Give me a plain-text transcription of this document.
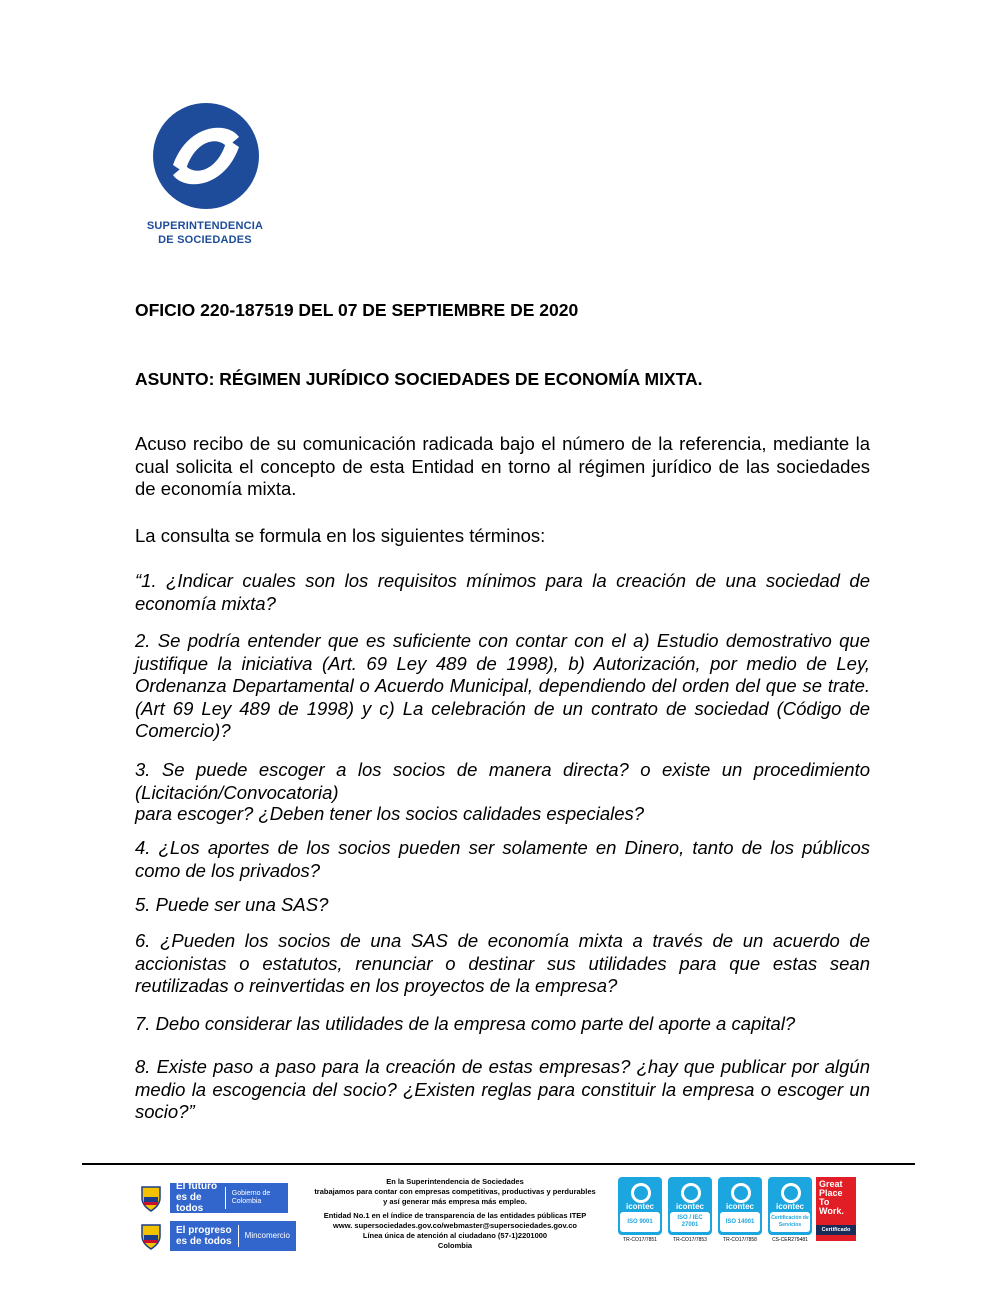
SUPERINTENDENCIA
DE SOCIEDADES
OFICIO 220-187519 DEL 07 DE SEPTIEMBRE DE 2020
ASUNTO: RÉGIMEN JURÍDICO SOCIEDADES DE ECONOMÍA MIXTA.

Acuso recibo de su comunicación radicada bajo el número de la referencia, mediante la cual solicita el concepto de esta Entidad en torno al régimen jurídico de las sociedades de economía mixta.

La consulta se formula en los siguientes términos:

“1. ¿Indicar cuales son los requisitos mínimos para la creación de una sociedad de economía mixta?

2. Se podría entender que es suficiente con contar con el a) Estudio demostrativo que justifique la iniciativa (Art. 69 Ley 489 de 1998), b) Autorización, por medio de Ley, Ordenanza Departamental o Acuerdo Municipal, dependiendo del orden del que se trate. (Art 69 Ley 489 de 1998) y c) La celebración de un contrato de sociedad (Código de Comercio)?

3. Se puede escoger a los socios de manera directa? o existe un procedimiento (Licitación/Convocatoria)

para escoger? ¿Deben tener los socios calidades especiales?

4. ¿Los aportes de los socios pueden ser solamente en Dinero, tanto de los públicos como de los privados?

5. Puede ser una SAS?

6. ¿Pueden los socios de una SAS de economía mixta a través de un acuerdo de accionistas o estatutos, renunciar o destinar sus utilidades para que estas sean reutilizadas o reinvertidas en los proyectos de la empresa?

7. Debo considerar las utilidades de la empresa como parte del aporte a capital?

8. Existe paso a paso para la creación de estas empresas? ¿hay que publicar por algún medio la escogencia del socio? ¿Existen reglas para constituir la empresa o escoger un socio?”

El futuro es de todos
Gobierno de Colombia
El progreso es de todos
Mincomercio
En la Superintendencia de Sociedades
trabajamos para contar con empresas competitivas, productivas y perdurables
y así generar más empresa más empleo.
Entidad No.1 en el índice de transparencia de las entidades públicas ITEP
www. supersociedades.gov.co/webmaster@supersociedades.gov.co
Línea única de atención al ciudadano (57-1)2201000
Colombia
icontec
ISO 9001
TR-CO17/7851
icontec
ISO / IEC 27001
TR-CO17/7853
icontec
ISO 14001
TR-CO17/7858
icontec
Certificación de Servicios
CS-CER279481
Great Place To Work.
Certificado
